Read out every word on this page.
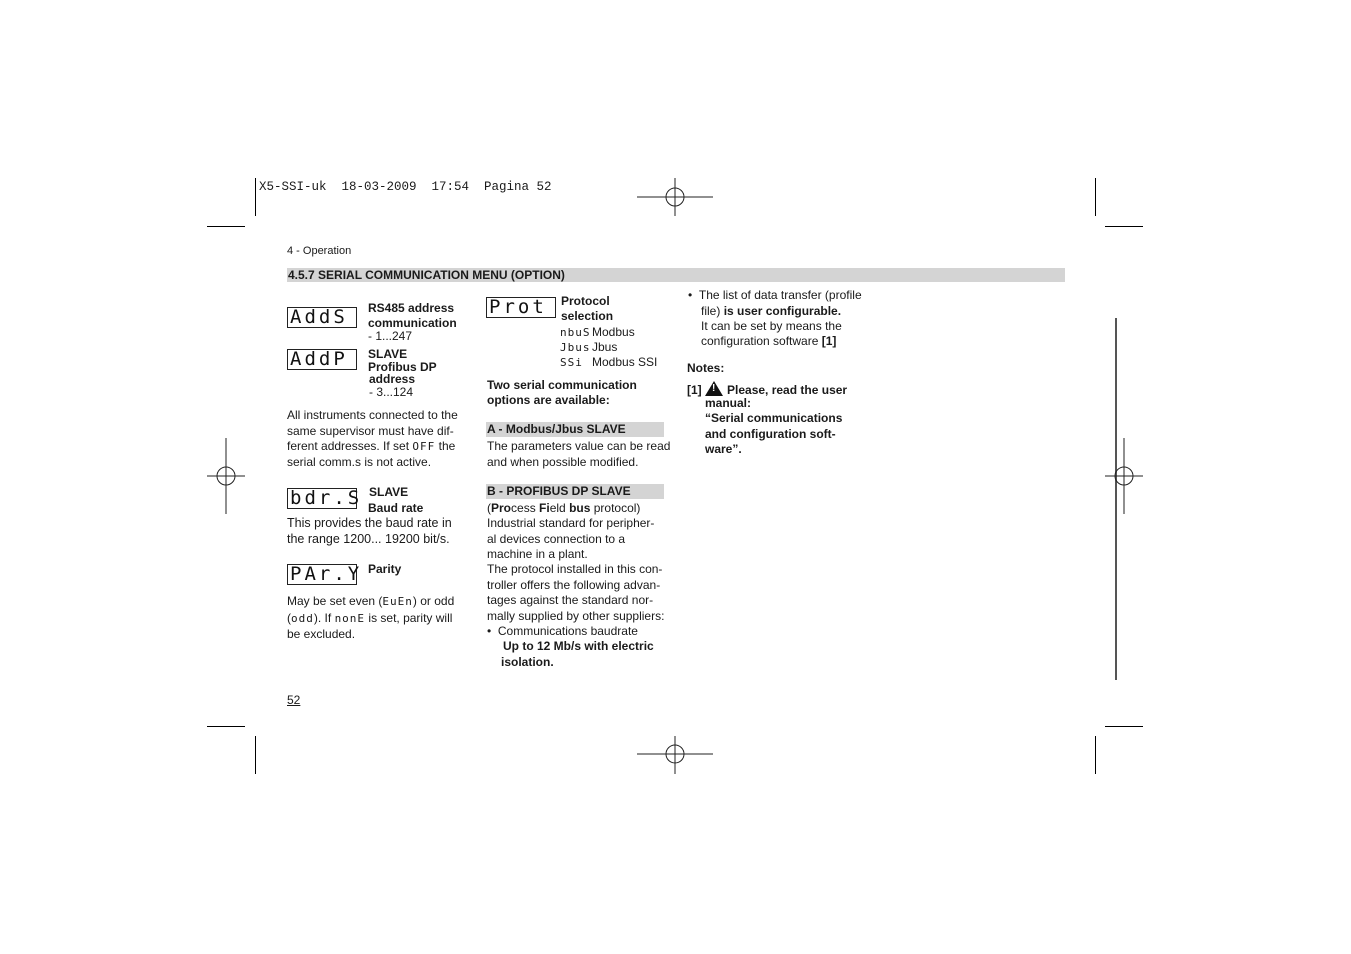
X5-SSI-uk  18-03-2009  17:54  Pagina 52
4 - Operation
4.5.7 SERIAL COMMUNICATION MENU (OPTION)
AddS	RS485 address
communication
- 1...247
AddP	SLAVE
Profibus DP
address
- 3...124
All instruments connected to the
same supervisor must have dif-
ferent addresses. If set OFF the
serial comm.s is not active.
bdr.S SLAVE
Baud rate
This provides the baud rate in
the range 1200... 19200 bit/s.
PAr.Y Parity
May be set even (EuEn) or odd
(odd). If nonE is set, parity will
be excluded.
Prot	Protocol
selection
nbuS Modbus
Jbus Jbus
SSi Modbus SSI
Two serial communication
options are available:
A - Modbus/Jbus SLAVE
The parameters value can be read
and when possible modified.
B - PROFIBUS DP SLAVE
(Process Field bus protocol)
Industrial standard for peripher-
al devices connection to a
machine in a plant.
The protocol installed in this con-
troller offers the following advan-
tages against the standard nor-
mally supplied by other suppliers:
• Communications baudrate
Up to 12 Mb/s with electric
isolation.
• The list of data transfer (profile
file) is user configurable.
It can be set by means the
configuration software [1]
Notes:
[1] ! Please, read the user
manual:
“Serial communications
and configuration soft-
ware”.
52
